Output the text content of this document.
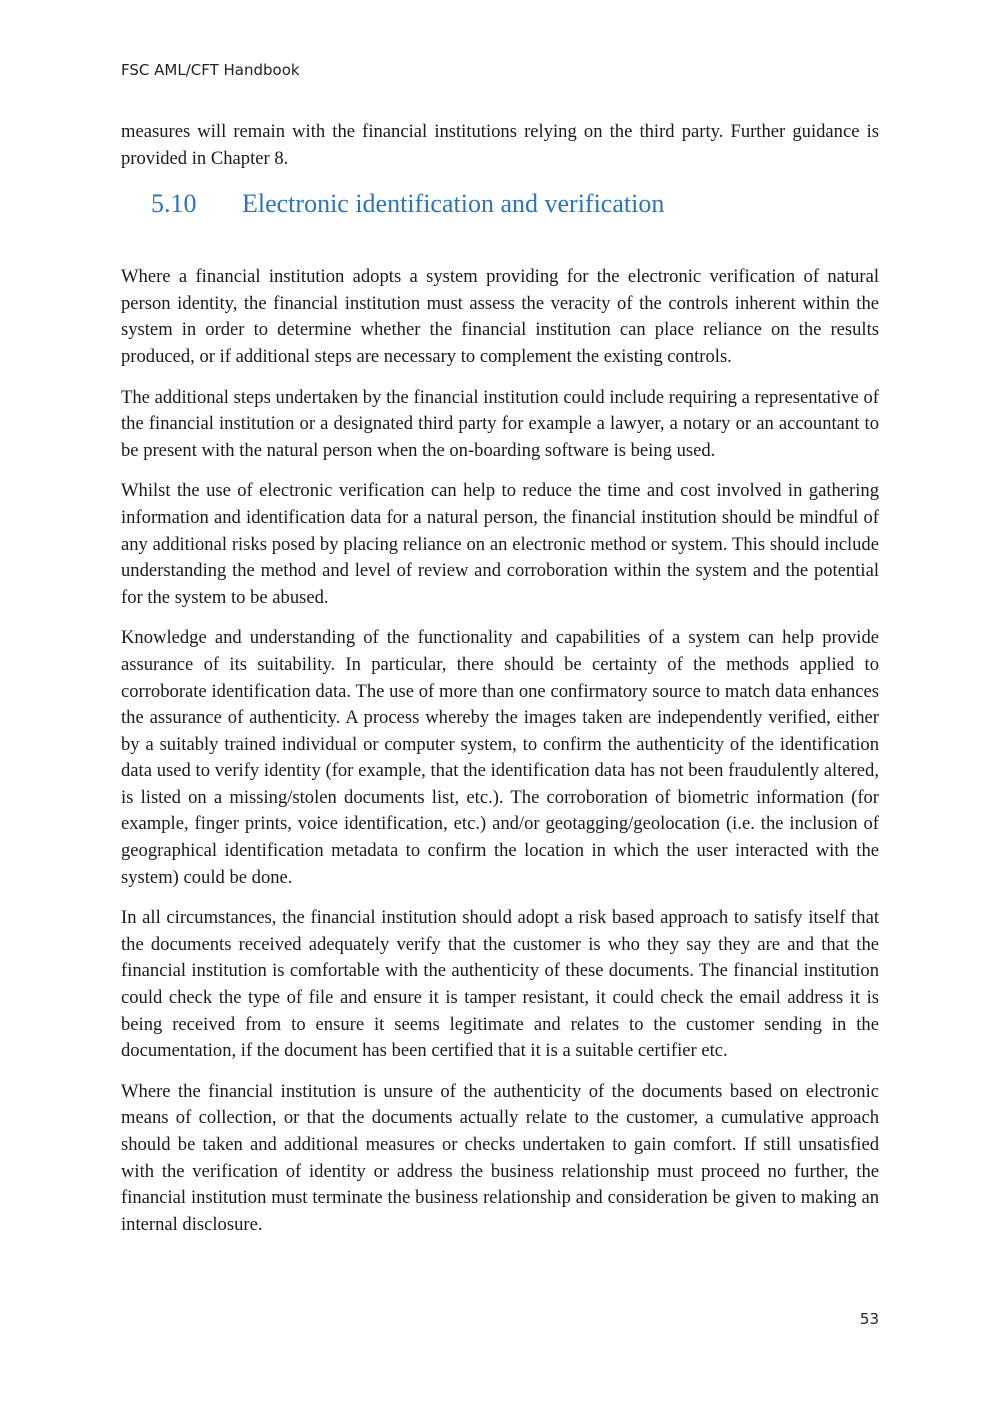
FSC AML/CFT Handbook

measures will remain with the financial institutions relying on the third party. Further guidance is provided in Chapter 8.

5.10 Electronic identification and verification

Where a financial institution adopts a system providing for the electronic verification of natural person identity, the financial institution must assess the veracity of the controls inherent within the system in order to determine whether the financial institution can place reliance on the results produced, or if additional steps are necessary to complement the existing controls.

The additional steps undertaken by the financial institution could include requiring a representative of the financial institution or a designated third party for example a lawyer, a notary or an accountant to be present with the natural person when the on-boarding software is being used.

Whilst the use of electronic verification can help to reduce the time and cost involved in gathering information and identification data for a natural person, the financial institution should be mindful of any additional risks posed by placing reliance on an electronic method or system. This should include understanding the method and level of review and corroboration within the system and the potential for the system to be abused.

Knowledge and understanding of the functionality and capabilities of a system can help provide assurance of its suitability. In particular, there should be certainty of the methods applied to corroborate identification data. The use of more than one confirmatory source to match data enhances the assurance of authenticity. A process whereby the images taken are independently verified, either by a suitably trained individual or computer system, to confirm the authenticity of the identification data used to verify identity (for example, that the identification data has not been fraudulently altered, is listed on a missing/stolen documents list, etc.). The corroboration of biometric information (for example, finger prints, voice identification, etc.) and/or geotagging/geolocation (i.e. the inclusion of geographical identification metadata to confirm the location in which the user interacted with the system) could be done.

In all circumstances, the financial institution should adopt a risk based approach to satisfy itself that the documents received adequately verify that the customer is who they say they are and that the financial institution is comfortable with the authenticity of these documents. The financial institution could check the type of file and ensure it is tamper resistant, it could check the email address it is being received from to ensure it seems legitimate and relates to the customer sending in the documentation, if the document has been certified that it is a suitable certifier etc.

Where the financial institution is unsure of the authenticity of the documents based on electronic means of collection, or that the documents actually relate to the customer, a cumulative approach should be taken and additional measures or checks undertaken to gain comfort. If still unsatisfied with the verification of identity or address the business relationship must proceed no further, the financial institution must terminate the business relationship and consideration be given to making an internal disclosure.

53
